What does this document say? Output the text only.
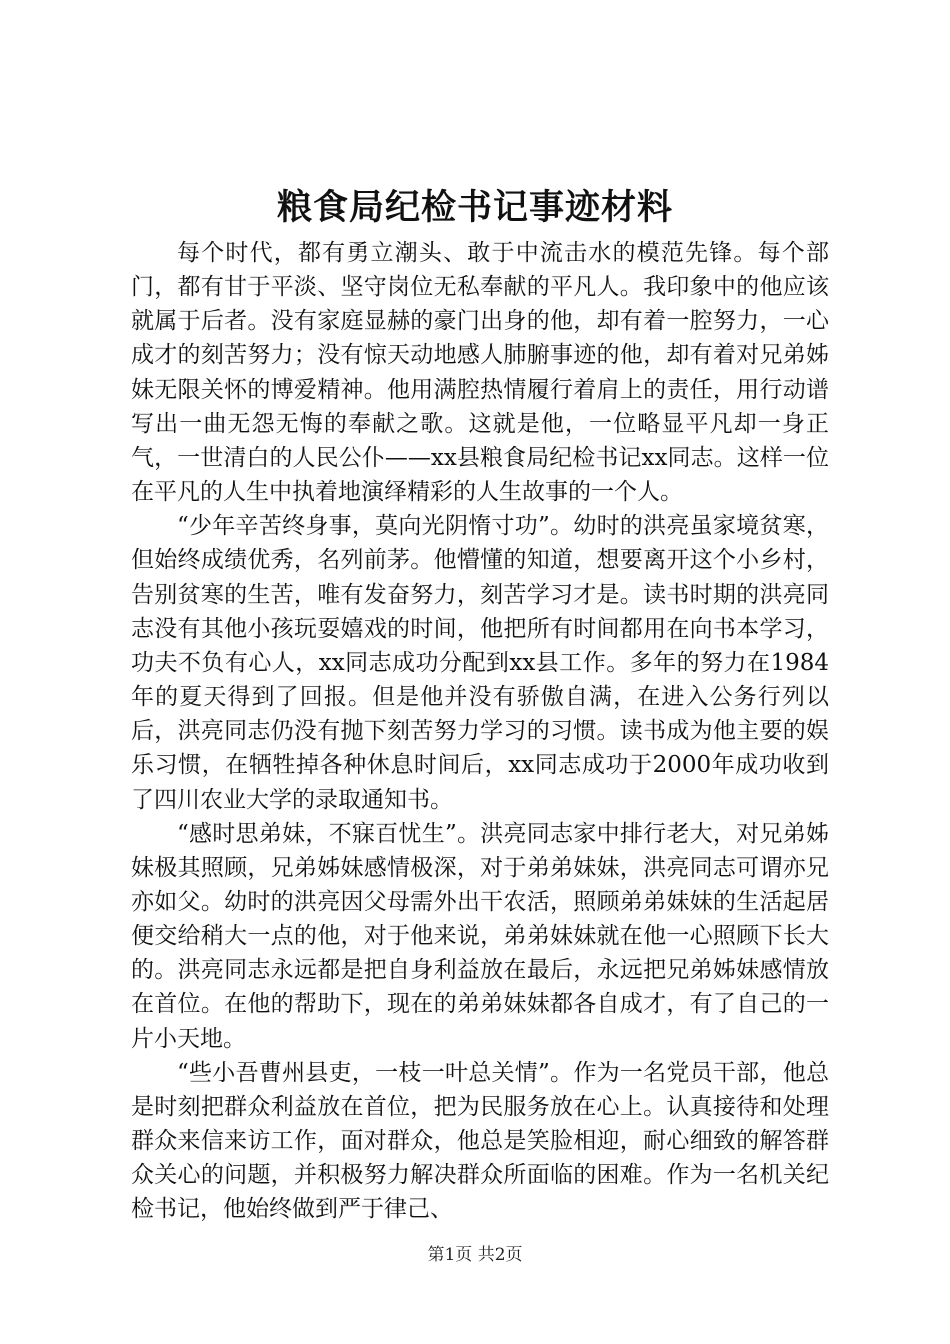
粮食局纪检书记事迹材料

每个时代，都有勇立潮头、敢于中流击水的模范先锋。每个部门，都有甘于平淡、坚守岗位无私奉献的平凡人。我印象中的他应该就属于后者。没有家庭显赫的豪门出身的他，却有着一腔努力，一心成才的刻苦努力；没有惊天动地感人肺腑事迹的他，却有着对兄弟姊妹无限关怀的博爱精神。他用满腔热情履行着肩上的责任，用行动谱写出一曲无怨无悔的奉献之歌。这就是他，一位略显平凡却一身正气，一世清白的人民公仆——xx县粮食局纪检书记xx同志。这样一位在平凡的人生中执着地演绎精彩的人生故事的一个人。

“少年辛苦终身事，莫向光阴惰寸功”。幼时的洪亮虽家境贫寒，但始终成绩优秀，名列前茅。他懵懂的知道，想要离开这个小乡村，告别贫寒的生苦，唯有发奋努力，刻苦学习才是。读书时期的洪亮同志没有其他小孩玩耍嬉戏的时间，他把所有时间都用在向书本学习，功夫不负有心人，xx同志成功分配到xx县工作。多年的努力在1984年的夏天得到了回报。但是他并没有骄傲自满，在进入公务行列以后，洪亮同志仍没有抛下刻苦努力学习的习惯。读书成为他主要的娱乐习惯，在牺牲掉各种休息时间后，xx同志成功于2000年成功收到了四川农业大学的录取通知书。

“感时思弟妹，不寐百忧生”。洪亮同志家中排行老大，对兄弟姊妹极其照顾，兄弟姊妹感情极深，对于弟弟妹妹，洪亮同志可谓亦兄亦如父。幼时的洪亮因父母需外出干农活，照顾弟弟妹妹的生活起居便交给稍大一点的他，对于他来说，弟弟妹妹就在他一心照顾下长大的。洪亮同志永远都是把自身利益放在最后，永远把兄弟姊妹感情放在首位。在他的帮助下，现在的弟弟妹妹都各自成才，有了自己的一片小天地。

“些小吾曹州县吏，一枝一叶总关情”。作为一名党员干部，他总是时刻把群众利益放在首位，把为民服务放在心上。认真接待和处理群众来信来访工作，面对群众，他总是笑脸相迎，耐心细致的解答群众关心的问题，并积极努力解决群众所面临的困难。作为一名机关纪检书记，他始终做到严于律己、

第1页 共2页
